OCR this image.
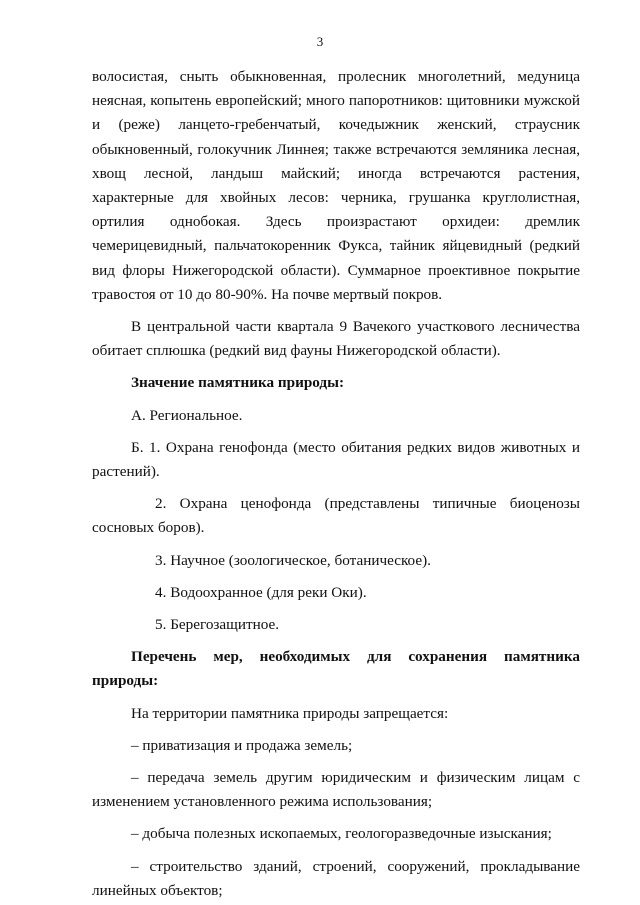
3

волосистая, сныть обыкновенная, пролесник многолетний, медуница неясная, копытень европейский; много папоротников: щитовники мужской и (реже) ланцето-гребенчатый, кочедыжник женский, страусник обыкновенный, голокучник Линнея; также встречаются земляника лесная, хвощ лесной, ландыш майский; иногда встречаются растения, характерные для хвойных лесов: черника, грушанка круглолистная, ортилия однобокая. Здесь произрастают орхидеи: дремлик чемерицевидный, пальчатокоренник Фукса, тайник яйцевидный (редкий вид флоры Нижегородской области). Суммарное проективное покрытие травостоя от 10 до 80-90%. На почве мертвый покров.

В центральной части квартала 9 Вачекого участкового лесничества обитает сплюшка (редкий вид фауны Нижегородской области).

Значение памятника природы:

А. Региональное.

Б. 1. Охрана генофонда (место обитания редких видов животных и растений).

2. Охрана ценофонда (представлены типичные биоценозы сосновых боров).

3. Научное (зоологическое, ботаническое).

4. Водоохранное (для реки Оки).

5. Берегозащитное.

Перечень мер, необходимых для сохранения памятника природы:

На территории памятника природы запрещается:

– приватизация и продажа земель;

– передача земель другим юридическим и физическим лицам с изменением установленного режима использования;

– добыча полезных ископаемых, геологоразведочные изыскания;

– строительство зданий, строений, сооружений, прокладывание линейных объектов;
